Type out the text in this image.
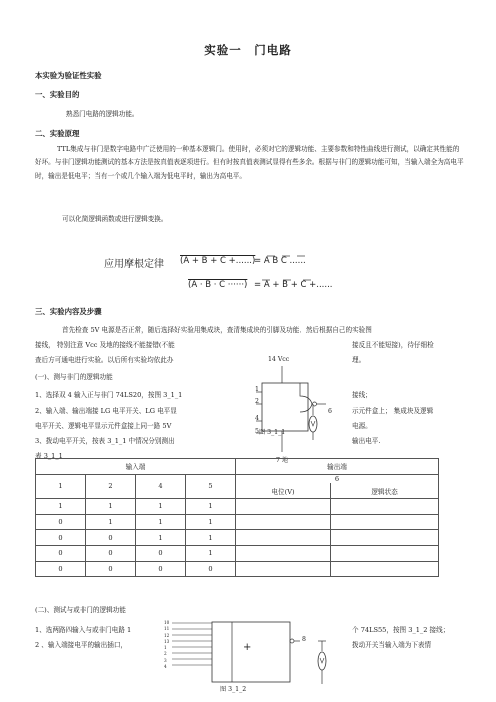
实验一　门电路
本实验为验证性实验
一、实验目的
熟悉门电路的逻辑功能。
二、实验原理
TTL集成与非门是数字电路中广泛使用的一种基本逻辑门。使用时，必须对它的逻辑功能、主要参数和特性曲线进行测试，以确定其性能的好坏。与非门逻辑功能测试的基本方法是按真值表逐项进行。但有时按真值表测试显得有些多余。根据与非门的逻辑功能可知，当输入端全为高电平时，输出是低电平；当有一个或几个输入端为低电平时，输出为高电平。
可以化简逻辑函数或进行逻辑变换。
应用摩根定律 (A + B + C +......)
= A B C ......
(A · B · C ······) = A + B + C +......
三、实验内容及步骤
首先检查 5V 电源是否正常，随后选择好实验用集成块，查清集成块的引脚及功能．然后根据自己的实验图
接线， 特别注意 Vcc 及地的接线不能接错(不能	接反且不能短接)，待仔细检
查后方可通电进行实验。以后所有实验均依此办	理。
(一)、测与非门的逻辑功能
1、选择双 4 输入正与非门 74LS20，按图 3_1_1	接线；
2、输入端、输出端接 LG 电平开关、LG 电平显	示元件盒上； 集成块及逻辑
电平开关、逻辑电平显示元件盒接上同一路 5V	电源。
3、拨动电平开关，按表 3_1_1 中情况分别测出	输出电平.
表 3_1_1
14 Vcc
1
2
4
5
6
图 3_1_1
7 地
输入端				输出端	
1	2	4	5	6	
				电位(V)	逻辑状态
1	1	1	1		
0	1	1	1		
0	0	1	1		
0	0	0	1		
0	0	0	0		
(二)、测试与或非门的逻辑功能
1、选两路四输入与或非门电路 1	个 74LS55，按图 3_1_2 接线；
2 、输入端接电平的输出插口，	拨动开关当输入端为下表情
10
11
12
13
1
2
3
4
+
8
图 3_1_2
